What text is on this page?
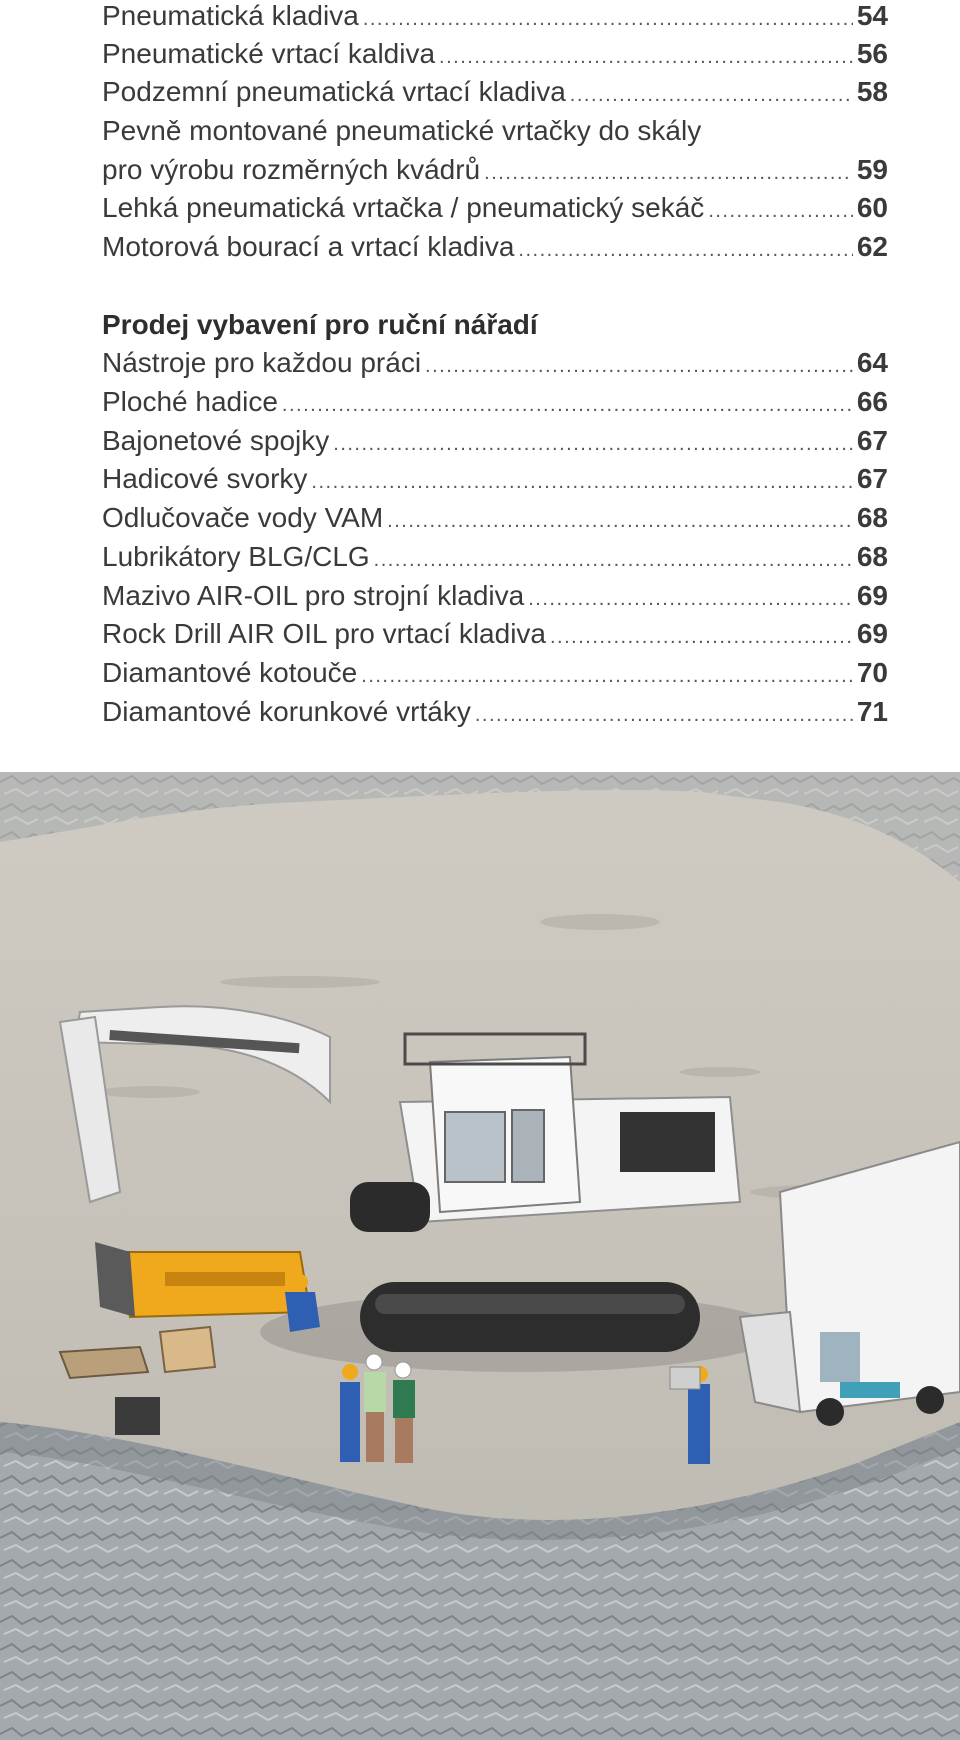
Pneumatická kladiva .....	54
Pneumatické vrtací kaldiva .....	56
Podzemní pneumatická vrtací kladiva .....	58
Pevně montované pneumatické vrtačky do skály
pro výrobu rozměrných kvádrů .....	59
Lehká pneumatická vrtačka / pneumatický sekáč .....	60
Motorová bourací a vrtací kladiva .....	62
Prodej vybavení pro ruční nářadí
Nástroje pro každou práci .....	64
Ploché hadice .....	66
Bajonetové spojky .....	67
Hadicové svorky .....	67
Odlučovače vody VAM .....	68
Lubrikátory BLG/CLG .....	68
Mazivo AIR-OIL pro strojní kladiva .....	69
Rock Drill AIR OIL pro vrtací kladiva .....	69
Diamantové kotouče .....	70
Diamantové korunkové vrtáky .....	71
